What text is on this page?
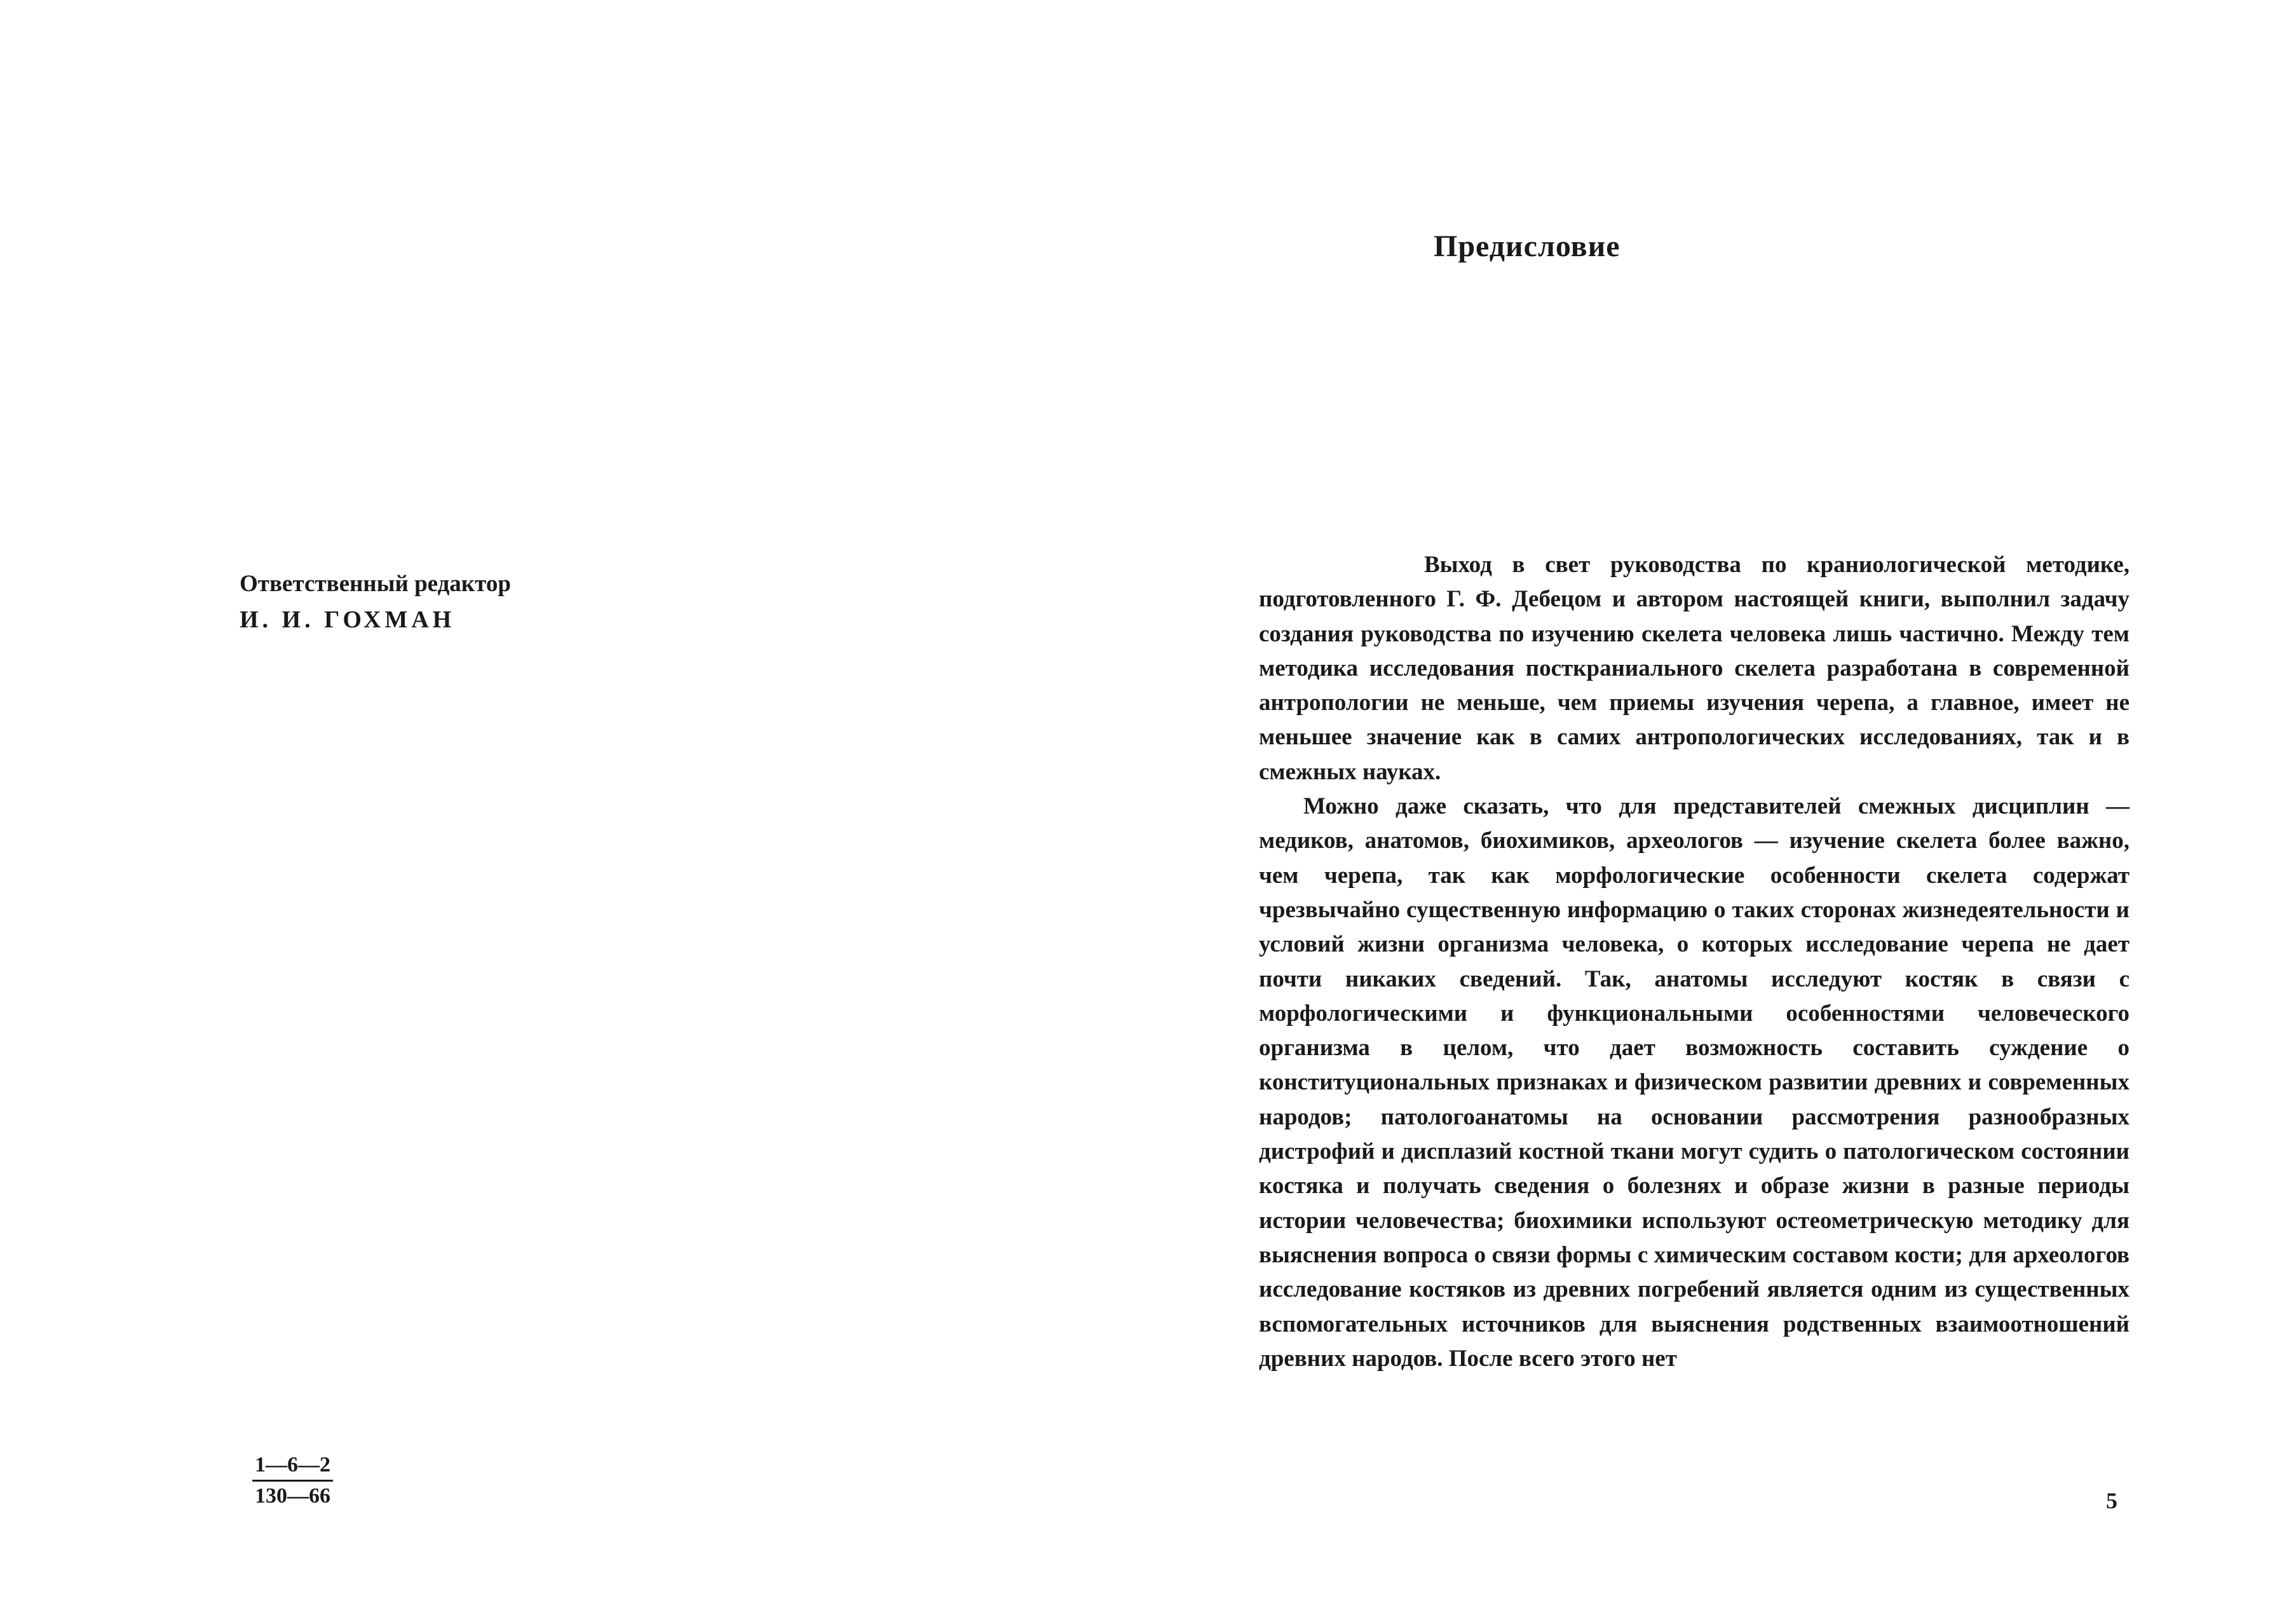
Ответственный редактор
И. И. ГОХМАН
1—6—2
130—66
Предисловие

Выход в свет руководства по краниологической методике, подготовленного Г. Ф. Дебецом и автором настоящей книги, выполнил задачу создания руководства по изучению скелета человека лишь частично. Между тем методика исследования посткраниального скелета разработана в современной антропологии не меньше, чем приемы изучения черепа, а главное, имеет не меньшее значение как в самих антропологических исследованиях, так и в смежных науках.

Можно даже сказать, что для представителей смежных дисциплин — медиков, анатомов, биохимиков, археологов — изучение скелета более важно, чем черепа, так как морфологические особенности скелета содержат чрезвычайно существенную информацию о таких сторонах жизнедеятельности и условий жизни организма человека, о которых исследование черепа не дает почти никаких сведений. Так, анатомы исследуют костяк в связи с морфологическими и функциональными особенностями человеческого организма в целом, что дает возможность составить суждение о конституциональных признаках и физическом развитии древних и современных народов; патологоанатомы на основании рассмотрения разнообразных дистрофий и дисплазий костной ткани могут судить о патологическом состоянии костяка и получать сведения о болезнях и образе жизни в разные периоды истории человечества; биохимики используют остеометрическую методику для выяснения вопроса о связи формы с химическим составом кости; для археологов исследование костяков из древних погребений является одним из существенных вспомогательных источников для выяснения родственных взаимоотношений древних народов. После всего этого нет

5
